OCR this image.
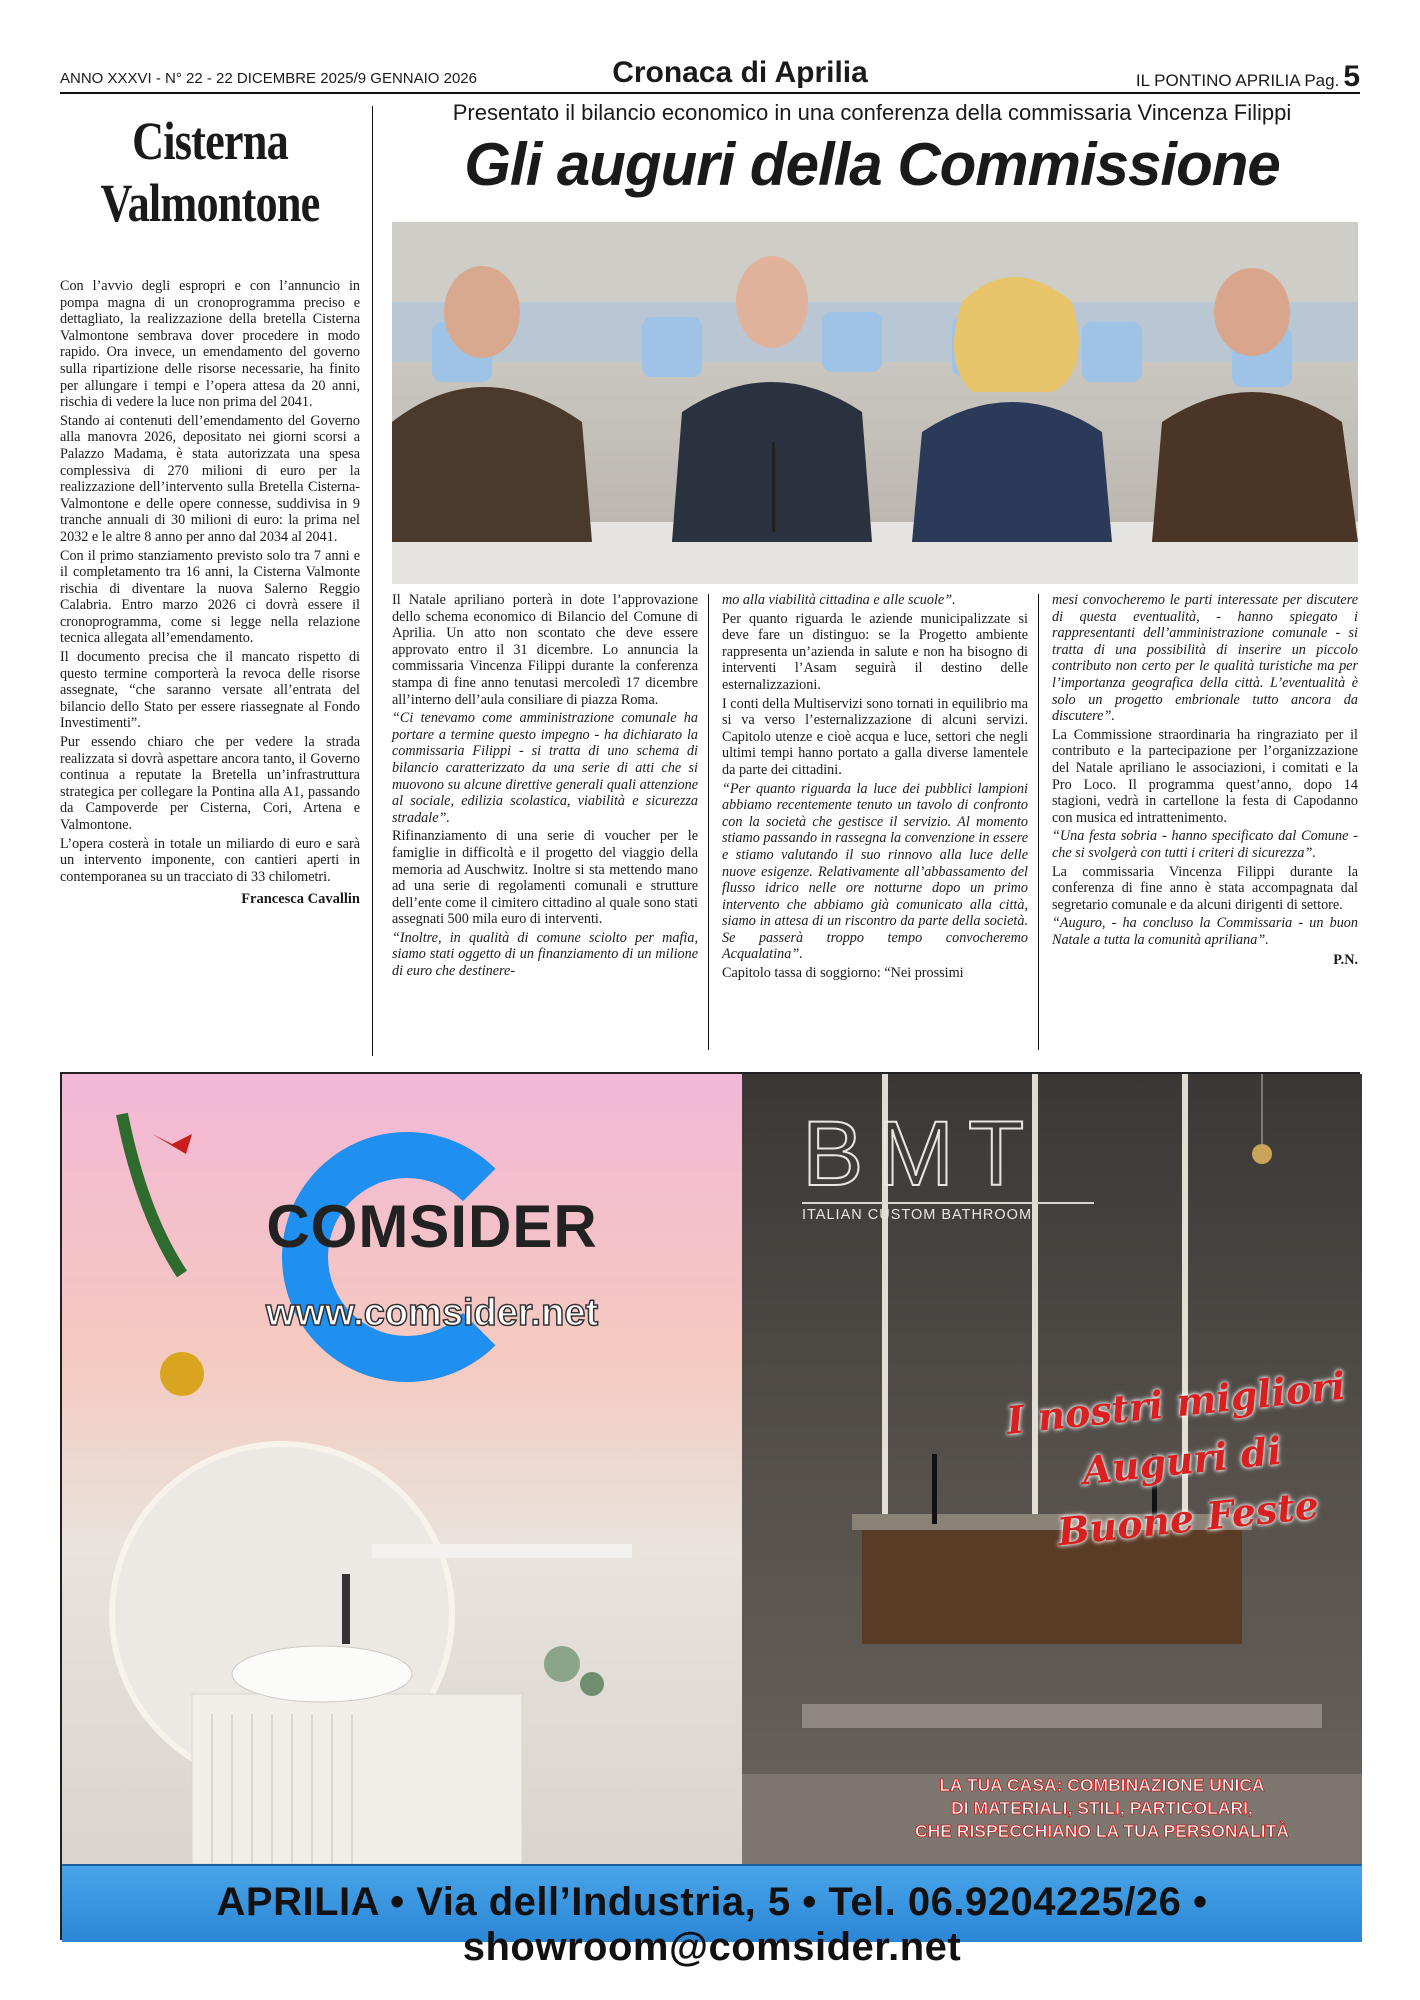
ANNO XXXVI - N° 22 - 22 DICEMBRE 2025/9 GENNAIO 2026	Cronaca di Aprilia	IL PONTINO APRILIA Pag. 5
Cisterna
Valmontone

Con l’avvio degli espropri e con l’annuncio in pompa magna di un cronoprogramma preciso e dettagliato, la realizzazione della bretella Cisterna Valmontone sembrava dover procedere in modo rapido. Ora invece, un emendamento del governo sulla ripartizione delle risorse necessarie, ha finito per allungare i tempi e l’opera attesa da 20 anni, rischia di vedere la luce non prima del 2041.

Stando ai contenuti dell’emendamento del Governo alla manovra 2026, depositato nei giorni scorsi a Palazzo Madama, è stata autorizzata una spesa complessiva di 270 milioni di euro per la realizzazione dell’intervento sulla Bretella Cisterna-Valmontone e delle opere connesse, suddivisa in 9 tranche annuali di 30 milioni di euro: la prima nel 2032 e le altre 8 anno per anno dal 2034 al 2041.

Con il primo stanziamento previsto solo tra 7 anni e il completamento tra 16 anni, la Cisterna Valmonte rischia di diventare la nuova Salerno Reggio Calabria. Entro marzo 2026 ci dovrà essere il cronoprogramma, come si legge nella relazione tecnica allegata all’emendamento.

Il documento precisa che il mancato rispetto di questo termine comporterà la revoca delle risorse assegnate, “che saranno versate all’entrata del bilancio dello Stato per essere riassegnate al Fondo Investimenti”.

Pur essendo chiaro che per vedere la strada realizzata si dovrà aspettare ancora tanto, il Governo continua a reputate la Bretella un’infrastruttura strategica per collegare la Pontina alla A1, passando da Campoverde per Cisterna, Cori, Artena e Valmontone.

L’opera costerà in totale un miliardo di euro e sarà un intervento imponente, con cantieri aperti in contemporanea su un tracciato di 33 chilometri.

Francesca Cavallin
Presentato il bilancio economico in una conferenza della commissaria Vincenza Filippi
Gli auguri della Commissione

Il Natale apriliano porterà in dote l’approvazione dello schema economico di Bilancio del Comune di Aprilia. Un atto non scontato che deve essere approvato entro il 31 dicembre. Lo annuncia la commissaria Vincenza Filippi durante la conferenza stampa di fine anno tenutasi mercoledì 17 dicembre all’interno dell’aula consiliare di piazza Roma.

“Ci tenevamo come amministrazione comunale ha portare a termine questo impegno - ha dichiarato la commissaria Filippi - si tratta di uno schema di bilancio caratterizzato da una serie di atti che si muovono su alcune direttive generali quali attenzione al sociale, edilizia scolastica, viabilità e sicurezza stradale”.

Rifinanziamento di una serie di voucher per le famiglie in difficoltà e il progetto del viaggio della memoria ad Auschwitz. Inoltre si sta mettendo mano ad una serie di regolamenti comunali e strutture dell’ente come il cimitero cittadino al quale sono stati assegnati 500 mila euro di interventi.

“Inoltre, in qualità di comune sciolto per mafia, siamo stati oggetto di un finanziamento di un milione di euro che destinere-

mo alla viabilità cittadina e alle scuole”.

Per quanto riguarda le aziende municipalizzate si deve fare un distinguo: se la Progetto ambiente rappresenta un’azienda in salute e non ha bisogno di interventi l’Asam seguirà il destino delle esternalizzazioni.

I conti della Multiservizi sono tornati in equilibrio ma si va verso l’esternalizzazione di alcuni servizi. Capitolo utenze e cioè acqua e luce, settori che negli ultimi tempi hanno portato a galla diverse lamentele da parte dei cittadini.

“Per quanto riguarda la luce dei pubblici lampioni abbiamo recentemente tenuto un tavolo di confronto con la società che gestisce il servizio. Al momento stiamo passando in rassegna la convenzione in essere e stiamo valutando il suo rinnovo alla luce delle nuove esigenze. Relativamente all’abbassamento del flusso idrico nelle ore notturne dopo un primo intervento che abbiamo già comunicato alla città, siamo in attesa di un riscontro da parte della società. Se passerà troppo tempo convocheremo Acqualatina”.

Capitolo tassa di soggiorno: “Nei prossimi

mesi convocheremo le parti interessate per discutere di questa eventualità, - hanno spiegato i rappresentanti dell’amministrazione comunale - si tratta di una possibilità di inserire un piccolo contributo non certo per le qualità turistiche ma per l’importanza geografica della città. L’eventualità è solo un progetto embrionale tutto ancora da discutere”.

La Commissione straordinaria ha ringraziato per il contributo e la partecipazione per l’organizzazione del Natale apriliano le associazioni, i comitati e la Pro Loco. Il programma quest’anno, dopo 14 stagioni, vedrà in cartellone la festa di Capodanno con musica ed intrattenimento.

“Una festa sobria - hanno specificato dal Comune - che si svolgerà con tutti i criteri di sicurezza”.

La commissaria Vincenza Filippi durante la conferenza di fine anno è stata accompagnata dal segretario comunale e da alcuni dirigenti di settore.

“Auguro, - ha concluso la Commissaria - un buon Natale a tutta la comunità apriliana”.

P.N.
COMSIDER
www.comsider.net
BMT
ITALIAN CUSTOM BATHROOM
I nostri migliori
Auguri di
Buone Feste
LA TUA CASA: COMBINAZIONE UNICA
DI MATERIALI, STILI, PARTICOLARI,
CHE RISPECCHIANO LA TUA PERSONALITÀ
APRILIA • Via dell’Industria, 5 • Tel. 06.9204225/26 • showroom@comsider.net
